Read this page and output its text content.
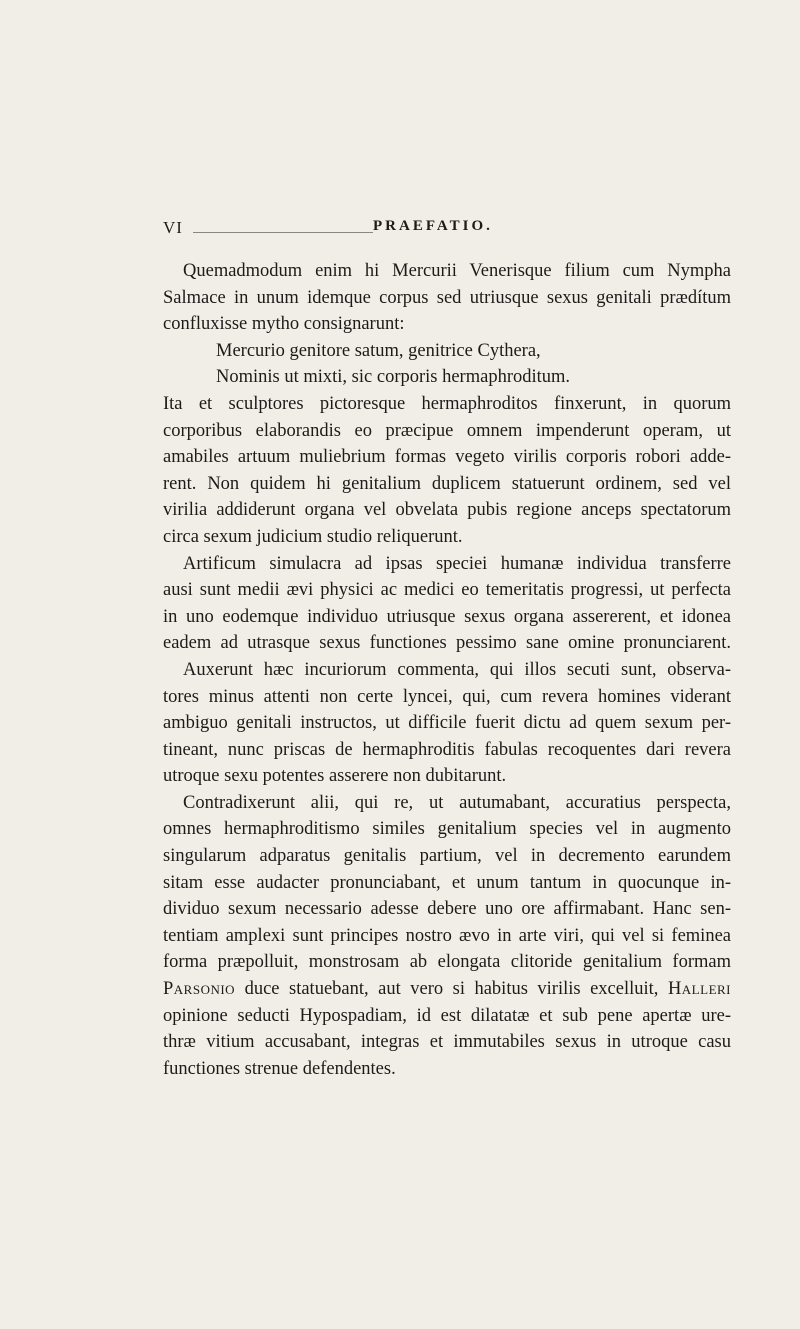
VI	PRAEFATIO.
Quemadmodum enim hi Mercurii Venerisque filium cum Nympha
Salmace in unum idemque corpus sed utriusque sexus genitali prædítum
confluxisse mytho consignarunt:
Mercurio genitore satum, genitrice Cythera,
Nominis ut mixti, sic corporis hermaphroditum.
Ita et sculptores pictoresque hermaphroditos finxerunt, in quorum
corporibus elaborandis eo præcipue omnem impenderunt operam, ut
amabiles artuum muliebrium formas vegeto virilis corporis robori adde-
rent. Non quidem hi genitalium duplicem statuerunt ordinem, sed vel
virilia addiderunt organa vel obvelata pubis regione anceps spectatorum
circa sexum judicium studio reliquerunt.
Artificum simulacra ad ipsas speciei humanæ individua transferre
ausi sunt medii ævi physici ac medici eo temeritatis progressi, ut perfecta
in uno eodemque individuo utriusque sexus organa assererent, et idonea
eadem ad utrasque sexus functiones pessimo sane omine pronunciarent.
Auxerunt hæc incuriorum commenta, qui illos secuti sunt, observa-
tores minus attenti non certe lyncei, qui, cum revera homines viderant
ambiguo genitali instructos, ut difficile fuerit dictu ad quem sexum per-
tineant, nunc priscas de hermaphroditis fabulas recoquentes dari revera
utroque sexu potentes asserere non dubitarunt.
Contradixerunt alii, qui re, ut autumabant, accuratius perspecta,
omnes hermaphroditismo similes genitalium species vel in augmento
singularum adparatus genitalis partium, vel in decremento earundem
sitam esse audacter pronunciabant, et unum tantum in quocunque in-
dividuo sexum necessario adesse debere uno ore affirmabant. Hanc sen-
tentiam amplexi sunt principes nostro ævo in arte viri, qui vel si feminea
forma præpolluit, monstrosam ab elongata clitoride genitalium formam
Parsonio duce statuebant, aut vero si habitus virilis excelluit, Halleri
opinione seducti Hypospadiam, id est dilatatæ et sub pene apertæ ure-
thræ vitium accusabant, integras et immutabiles sexus in utroque casu
functiones strenue defendentes.
